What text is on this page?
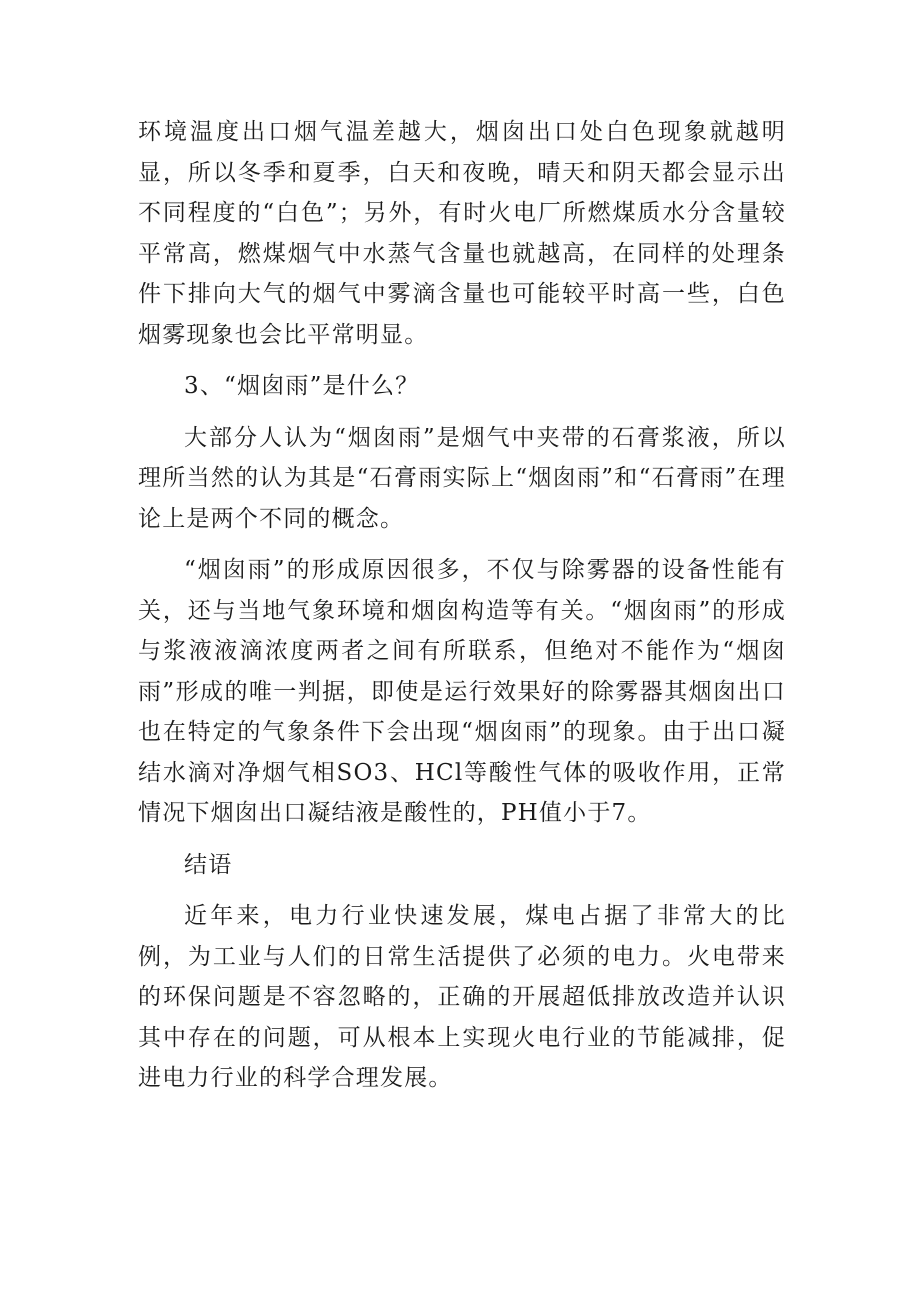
环境温度出口烟气温差越大，烟囱出口处白色现象就越明显，所以冬季和夏季，白天和夜晚，晴天和阴天都会显示出不同程度的“白色”；另外，有时火电厂所燃煤质水分含量较平常高，燃煤烟气中水蒸气含量也就越高，在同样的处理条件下排向大气的烟气中雾滴含量也可能较平时高一些，白色烟雾现象也会比平常明显。

3、“烟囱雨”是什么？

大部分人认为“烟囱雨”是烟气中夹带的石膏浆液，所以理所当然的认为其是“石膏雨实际上“烟囱雨”和“石膏雨”在理论上是两个不同的概念。

“烟囱雨”的形成原因很多，不仅与除雾器的设备性能有关，还与当地气象环境和烟囱构造等有关。“烟囱雨”的形成与浆液液滴浓度两者之间有所联系，但绝对不能作为“烟囱雨”形成的唯一判据，即使是运行效果好的除雾器其烟囱出口也在特定的气象条件下会出现“烟囱雨”的现象。由于出口凝结水滴对净烟气相SO3、HCl等酸性气体的吸收作用，正常情况下烟囱出口凝结液是酸性的，PH值小于7。

结语

近年来，电力行业快速发展，煤电占据了非常大的比例，为工业与人们的日常生活提供了必须的电力。火电带来的环保问题是不容忽略的，正确的开展超低排放改造并认识其中存在的问题，可从根本上实现火电行业的节能减排，促进电力行业的科学合理发展。
